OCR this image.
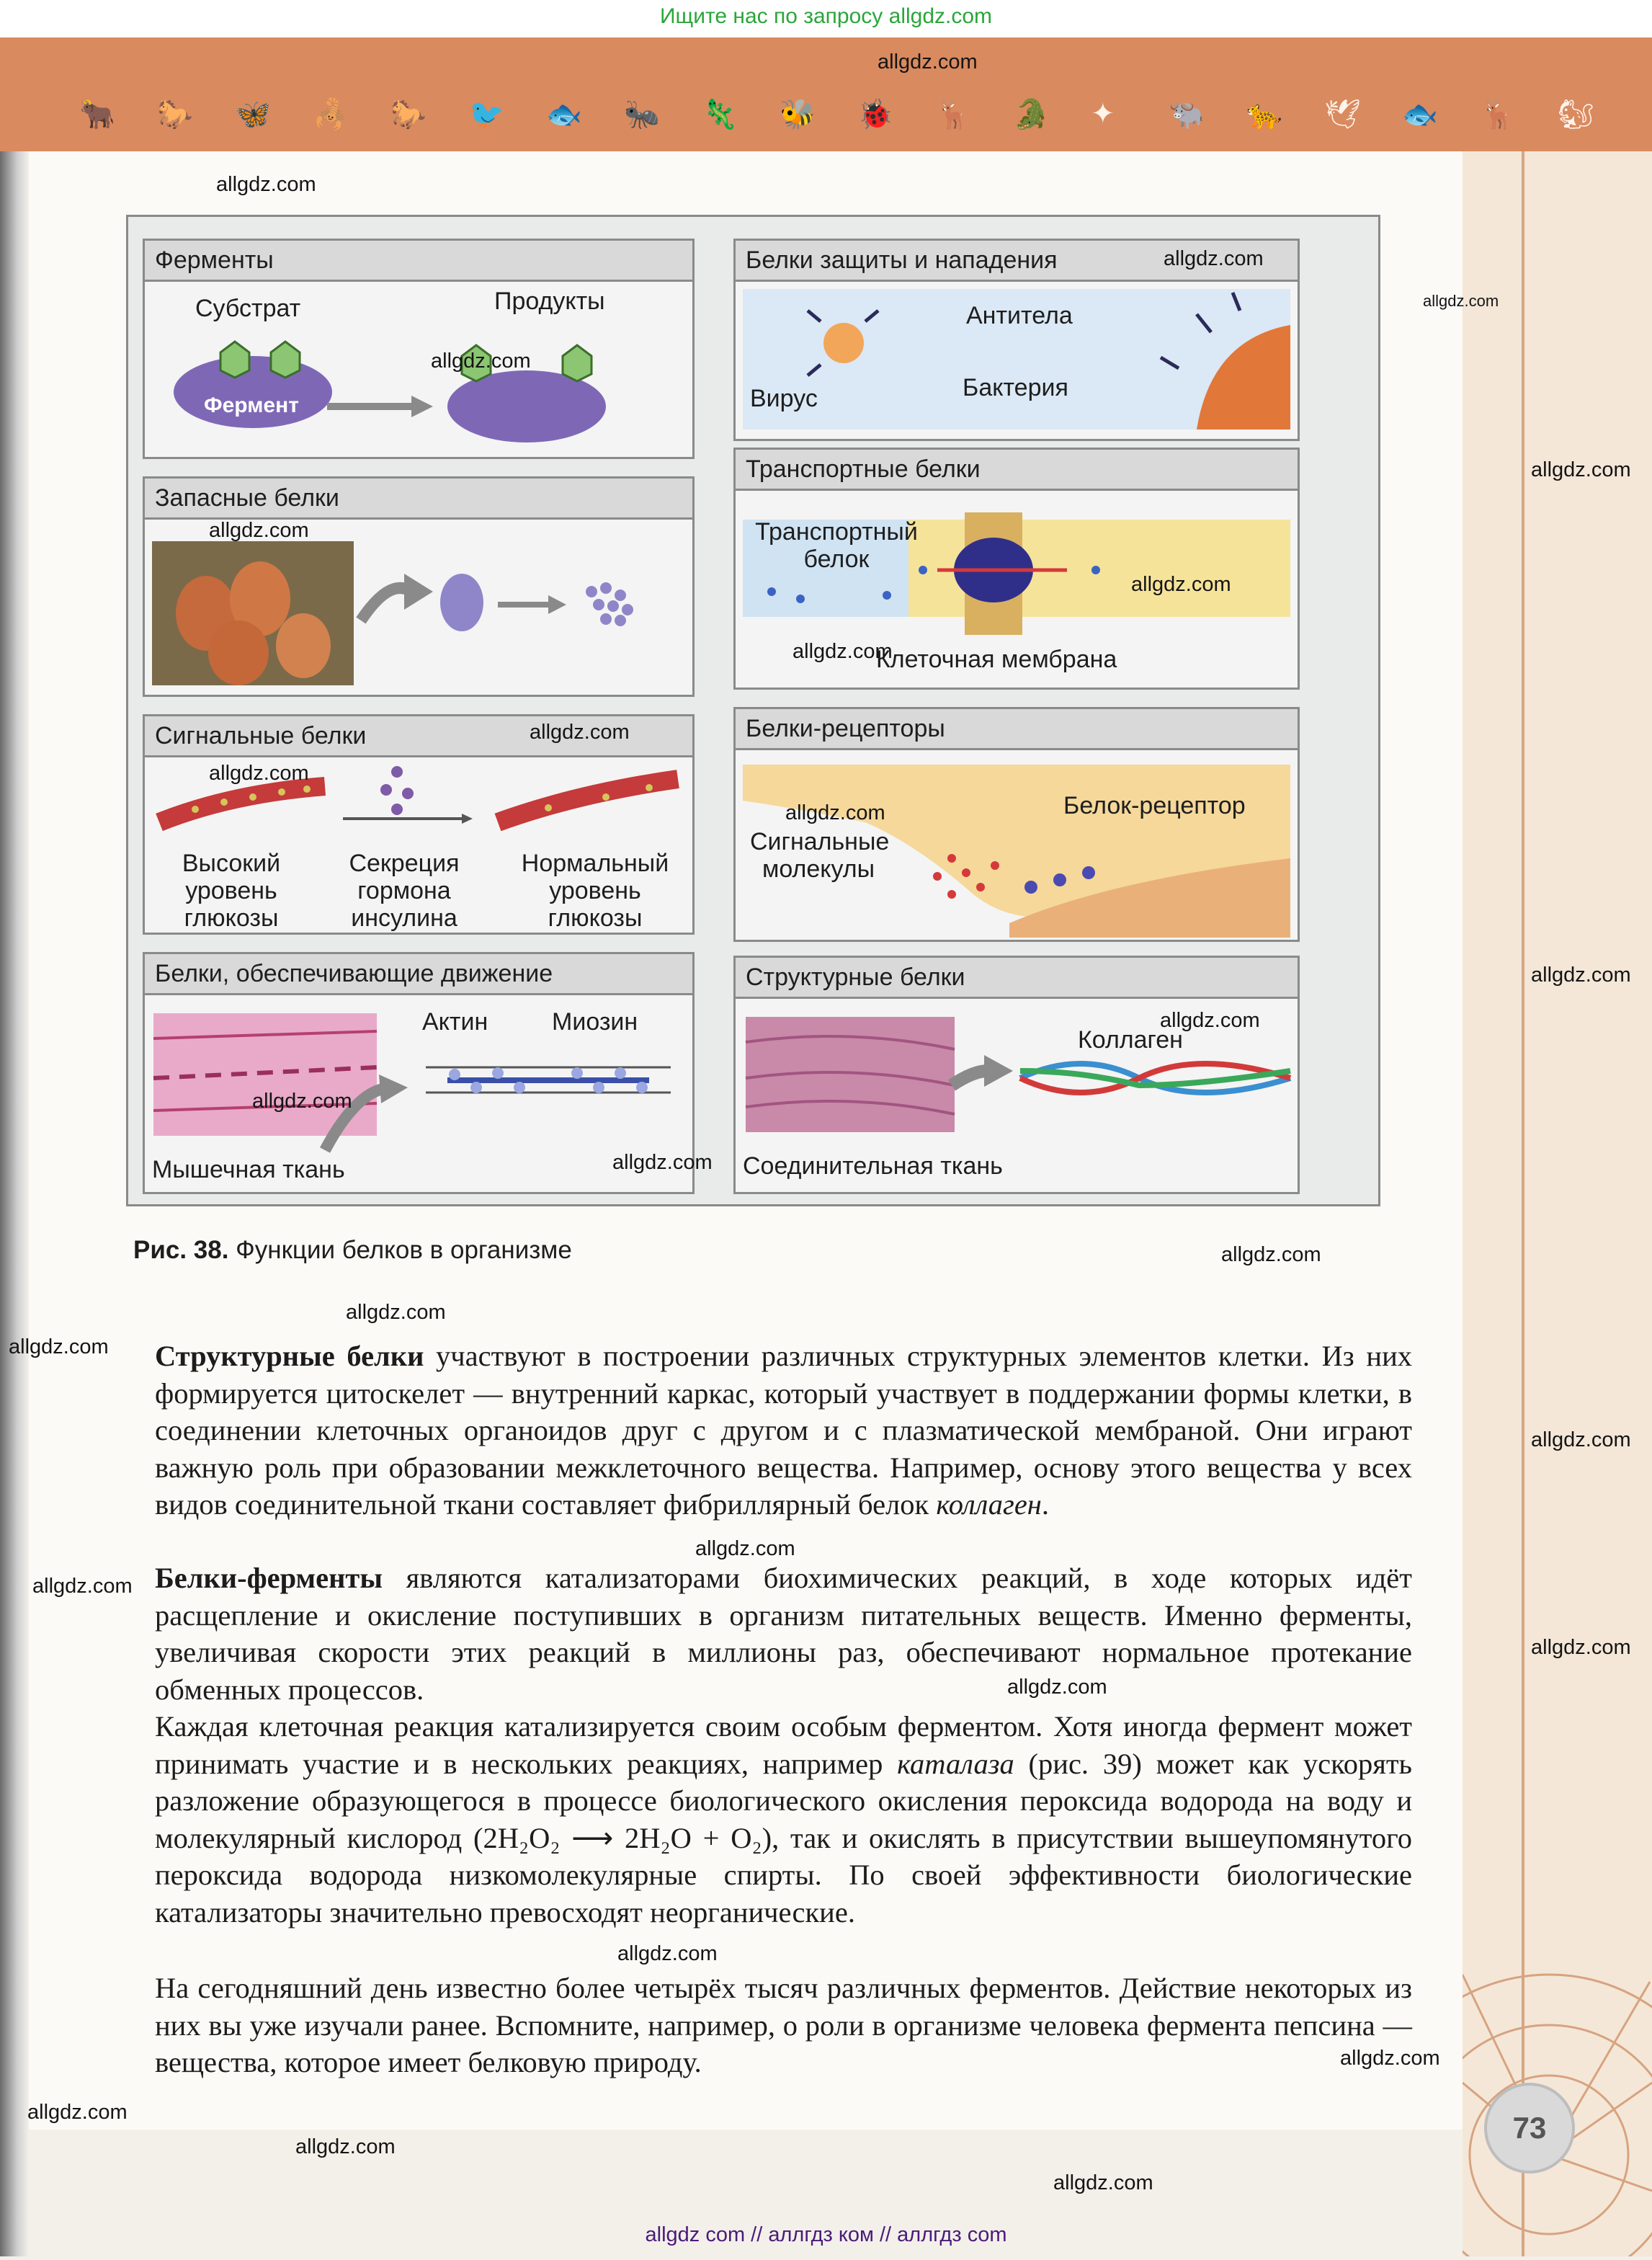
Ищите нас по запросу allgdz.com
🐂 🐎 🦋 🦂 🐎 🐦 🐟 🐜 🦎 🐝 🐞 🦌 🐊 ✦ 🐃 🐆 🕊 🐟 🦌 🐿
Ферменты
Субстрат	Продукты
Фермент
Запасные белки
Сигнальные белки
Высокий уровень глюкозы
Секреция гормона инсулина
Нормальный уровень глюкозы
Белки, обеспечивающие движение
Актин	Миозин
Мышечная ткань
Белки защиты и нападения
Антитела
Вирус	Бактерия
Транспортные белки
Транспортный белок
Клеточная мембрана
Белки-рецепторы
Белок-рецептор
Сигнальные молекулы
Структурные белки
Коллаген
Соединительная ткань
Рис. 38. Функции белков в организме
Структурные белки участвуют в построении различных структурных элементов клетки. Из них формируется цитоскелет — внутренний каркас, который участвует в поддержании формы клетки, в соединении клеточных органоидов друг с другом и с плазматической мембраной. Они играют важную роль при образовании межклеточного вещества. Например, основу этого вещества у всех видов соединительной ткани составляет фибриллярный белок коллаген.
Белки-ферменты являются катализаторами биохимических реакций, в ходе которых идёт расщепление и окисление поступивших в организм питательных веществ. Именно ферменты, увеличивая скорости этих реакций в миллионы раз, обеспечивают нормальное протекание обменных процессов.
Каждая клеточная реакция катализируется своим особым ферментом. Хотя иногда фермент может принимать участие и в нескольких реакциях, например каталаза (рис. 39) может как ускорять разложение образующегося в процессе биологического окисления пероксида водорода на воду и молекулярный кислород (2H₂O₂ ⟶ 2H₂O + O₂), так и окислять в присутствии вышеупомянутого пероксида водорода низкомолекулярные спирты. По своей эффективности биологические катализаторы значительно превосходят неорганические.
На сегодняшний день известно более четырёх тысяч различных ферментов. Действие некоторых из них вы уже изучали ранее. Вспомните, например, о роли в организме человека фермента пепсина — вещества, которое имеет белковую природу.
73
allgdz.com
allgdz.com
allgdz.com
allgdz.com
allgdz.com
allgdz.com
allgdz.com
allgdz.com
allgdz.com
allgdz.com
allgdz.com
allgdz.com
allgdz.com
allgdz.com
allgdz.com
allgdz.com
allgdz.com
allgdz.com
allgdz.com
allgdz.com
allgdz.com
allgdz.com
allgdz.com
allgdz.com
allgdz.com
allgdz.com
allgdz.com
allgdz.com
allgdz.com
allgdz com // аллгдз ком // аллгдз com
